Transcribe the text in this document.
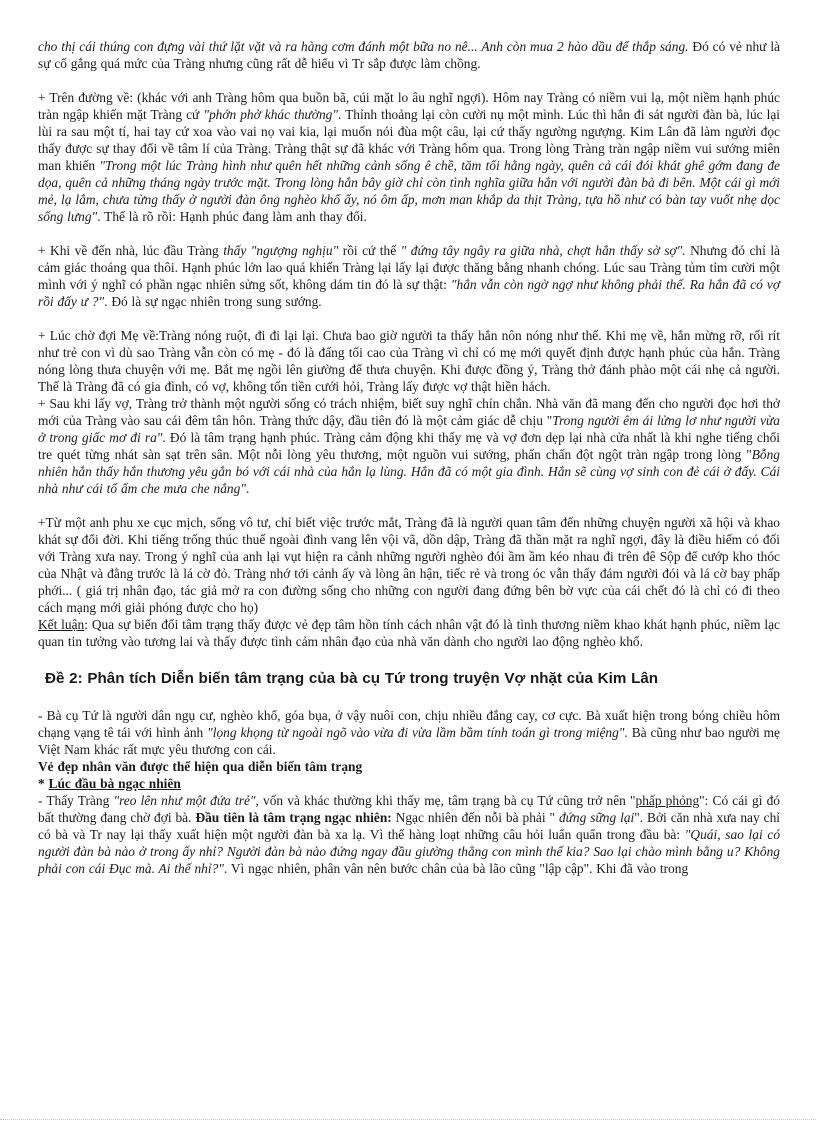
cho thị cái thúng con đựng vài thứ lặt vặt và ra hàng cơm đánh một bữa no nê... Anh còn mua 2 hào dầu để thắp sáng. Đó có vẻ như là sự cố gắng quá mức của Tràng nhưng cũng rất dễ hiểu vì Tr sắp được làm chồng.

+ Trên đường về: (khác với anh Tràng hôm qua buồn bã, cúi mặt lo âu nghĩ ngợi). Hôm nay Tràng có niềm vui lạ, một niềm hạnh phúc tràn ngập khiến mặt Tràng cứ "phớn phở khác thường". Thỉnh thoảng lại còn cười nụ một mình. Lúc thì hắn đi sát người đàn bà, lúc lại lùi ra sau một tí, hai tay cứ xoa vào vai nọ vai kia, lại muốn nói đùa một câu, lại cứ thấy ngường ngượng. Kim Lân đã làm người đọc thấy được sự thay đổi về tâm lí của Tràng. Tràng thật sự đã khác với Tràng hôm qua. Trong lòng Tràng tràn ngập niềm vui sướng miên man khiến "Trong một lúc Tràng hình như quên hết những cảnh sống ê chề, tăm tối hằng ngày, quên cả cái đói khát ghê gớm đang đe dọa, quên cả những tháng ngày trước mặt. Trong lòng hắn bây giờ chỉ còn tình nghĩa giữa hắn với người đàn bà đi bên. Một cái gì mới mẻ, lạ lắm, chưa từng thấy ở người đàn ông nghèo khổ ấy, nó ôm ấp, mơn man khắp da thịt Tràng, tựa hồ như có bàn tay vuốt nhẹ dọc sống lưng". Thế là rõ rồi: Hạnh phúc đang làm anh thay đổi.

+ Khi về đến nhà, lúc đầu Tràng thấy "ngượng nghịu" rồi cứ thế " đứng tây ngây ra giữa nhà, chợt hắn thấy sờ sợ". Nhưng đó chỉ là cảm giác thoáng qua thôi. Hạnh phúc lớn lao quá khiến Tràng lại lấy lại được thăng bằng nhanh chóng. Lúc sau Tràng tủm tỉm cười một mình với ý nghĩ có phần ngạc nhiên sửng sốt, không dám tin đó là sự thật: "hắn vẫn còn ngờ ngợ như không phải thế. Ra hắn đã có vợ rồi đấy ư ?". Đó là sự ngạc nhiên trong sung sướng.

+ Lúc chờ đợi Mẹ về:Tràng nóng ruột, đi đi lại lại. Chưa bao giờ người ta thấy hắn nôn nóng như thế. Khi mẹ về, hắn mừng rỡ, rối rít như trẻ con vì dù sao Tràng vẫn còn có mẹ - đó là đấng tối cao của Tràng vì chỉ có mẹ mới quyết định được hạnh phúc của hắn. Tràng nóng lòng thưa chuyện với mẹ. Bắt mẹ ngồi lên giường để thưa chuyện. Khi được đồng ý, Tràng thở đánh phào một cái nhẹ cả người. Thế là Tràng đã có gia đình, có vợ, không tốn tiền cưới hỏi, Tràng lấy được vợ thật hiền hách.

+ Sau khi lấy vợ, Tràng trở thành một người sống có trách nhiệm, biết suy nghĩ chín chắn. Nhà văn đã mang đến cho người đọc hơi thở mới của Tràng vào sau cái đêm tân hôn. Tràng thức dậy, đầu tiên đó là một cảm giác dễ chịu "Trong người êm ái lửng lơ như người vừa ở trong giấc mơ đi ra". Đó là tâm trạng hạnh phúc. Tràng cảm động khi thấy mẹ và vợ đơn dẹp lại nhà cửa nhất là khi nghe tiếng chổi tre quét từng nhát sàn sạt trên sân. Một nỗi lòng yêu thương, một nguồn vui sướng, phấn chấn đột ngột tràn ngập trong lòng "Bỗng nhiên hắn thấy hắn thương yêu gắn bó với cái nhà của hắn lạ lùng. Hắn đã có một gia đình. Hắn sẽ cùng vợ sinh con đẻ cái ở đấy. Cái nhà như cái tổ ấm che mưa che nắng".

+Từ một anh phu xe cục mịch, sống vô tư, chỉ biết việc trước mắt, Tràng đã là người quan tâm đến những chuyện người xã hội và khao khát sự đổi đời. Khi tiếng trống thúc thuế ngoài đình vang lên vội vã, dồn dập, Tràng đã thần mặt ra nghĩ ngợi, đây là điều hiếm có đối với Tràng xưa nay. Trong ý nghĩ của anh lại vụt hiện ra cảnh những người nghèo đói ầm ầm kéo nhau đi trên đê Sộp để cướp kho thóc của Nhật và đằng trước là lá cờ đỏ. Tràng nhớ tới cảnh ấy và lòng ân hận, tiếc rẻ và trong óc vẫn thấy đám người đói và lá cờ bay phấp phới... ( giá trị nhân đạo, tác giả mở ra con đường sống cho những con người đang đứng bên bờ vực của cái chết đó là chỉ có đi theo cách mạng mới giải phóng được cho họ)

Kết luận: Qua sự biến đổi tâm trạng thấy được vẻ đẹp tâm hồn tính cách nhân vật đó là tình thương niềm khao khát hạnh phúc, niềm lạc quan tin tưởng vào tương lai và thấy được tình cảm nhân đạo của nhà văn dành cho người lao động nghèo khổ.

Đề 2: Phân tích Diễn biến tâm trạng của bà cụ Tứ trong truyện Vợ nhặt của Kim Lân

- Bà cụ Tứ là người dân ngụ cư, nghèo khổ, góa bụa, ở vậy nuôi con, chịu nhiều đắng cay, cơ cực. Bà xuất hiện trong bóng chiều hôm chạng vạng tê tái với hình ảnh "lọng khọng từ ngoài ngõ vào vừa đi vừa lầm bầm tính toán gì trong miệng". Bà cũng như bao người mẹ Việt Nam khác rất mực yêu thương con cái.

Vẻ đẹp nhân văn được thể hiện qua diễn biến tâm trạng

* Lúc đầu bà ngạc nhiên

- Thấy Tràng "reo lên như một đứa trẻ", vốn và khác thường khi thấy mẹ, tâm trạng bà cụ Tứ cũng trở nên "phấp phỏng": Có cái gì đó bất thường đang chờ đợi bà. Đầu tiên là tâm trạng ngạc nhiên: Ngạc nhiên đến nỗi bà phải " đứng sững lại". Bởi căn nhà xưa nay chỉ có bà và Tr nay lại thấy xuất hiện một người đàn bà xa lạ. Vì thế hàng loạt những câu hỏi luẩn quẩn trong đầu bà: "Quái, sao lại có người đàn bà nào ở trong ấy nhỉ? Người đàn bà nào đứng ngay đầu giường thằng con mình thế kia? Sao lại chào mình bằng u? Không phải con cái Đục mà. Ai thế nhỉ?". Vì ngạc nhiên, phân vân nên bước chân của bà lão cũng "lập cập". Khi đã vào trong
